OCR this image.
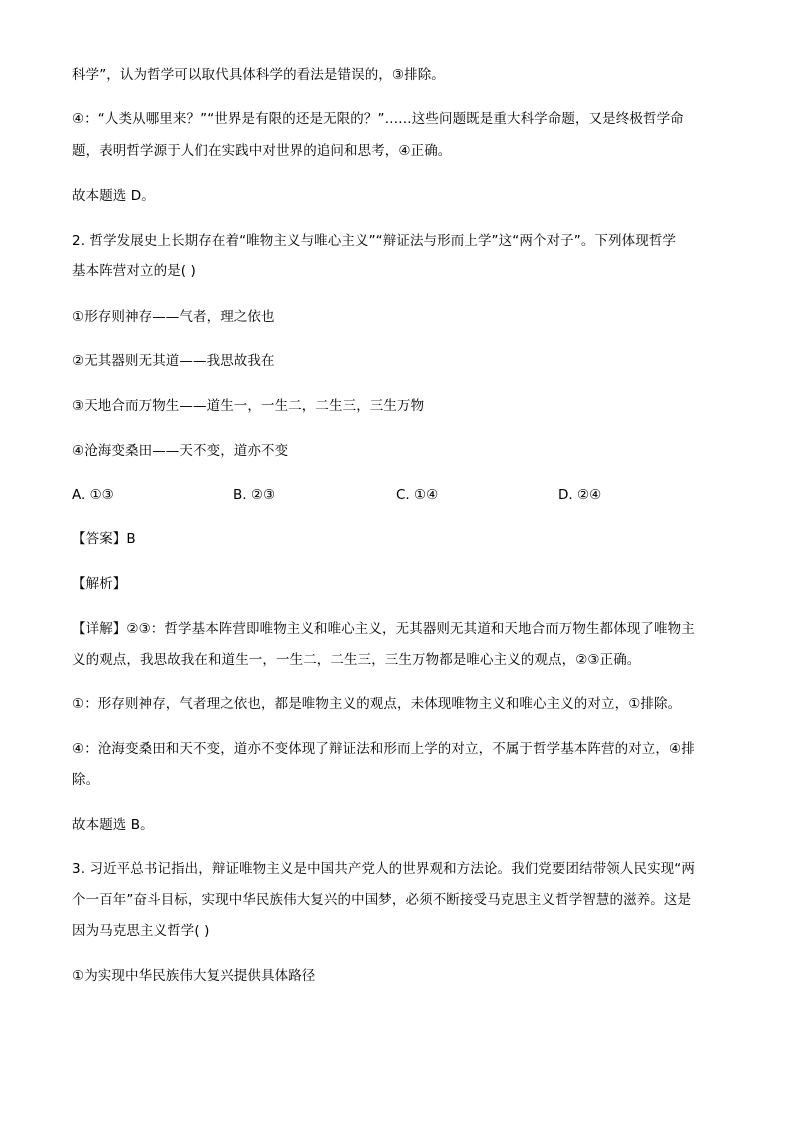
科学”，认为哲学可以取代具体科学的看法是错误的，③排除。
④：“人类从哪里来？”“世界是有限的还是无限的？”……这些问题既是重大科学命题，又是终极哲学命
题，表明哲学源于人们在实践中对世界的追问和思考，④正确。
故本题选 D。
2. 哲学发展史上长期存在着“唯物主义与唯心主义”“辩证法与形而上学”这“两个对子”。下列体现哲学
基本阵营对立的是( )
①形存则神存——气者，理之依也
②无其器则无其道——我思故我在
③天地合而万物生——道生一，一生二，二生三，三生万物
④沧海变桑田——天不变，道亦不变
A. ①③	B. ②③	C. ①④	D. ②④
【答案】B
【解析】
【详解】②③：哲学基本阵营即唯物主义和唯心主义，无其器则无其道和天地合而万物生都体现了唯物主
义的观点，我思故我在和道生一，一生二，二生三，三生万物都是唯心主义的观点，②③正确。
①：形存则神存，气者理之依也，都是唯物主义的观点，未体现唯物主义和唯心主义的对立，①排除。
④：沧海变桑田和天不变，道亦不变体现了辩证法和形而上学的对立，不属于哲学基本阵营的对立，④排
除。
故本题选 B。
3. 习近平总书记指出，辩证唯物主义是中国共产党人的世界观和方法论。我们党要团结带领人民实现“两
个一百年”奋斗目标，实现中华民族伟大复兴的中国梦，必须不断接受马克思主义哲学智慧的滋养。这是
因为马克思主义哲学( )
①为实现中华民族伟大复兴提供具体路径
